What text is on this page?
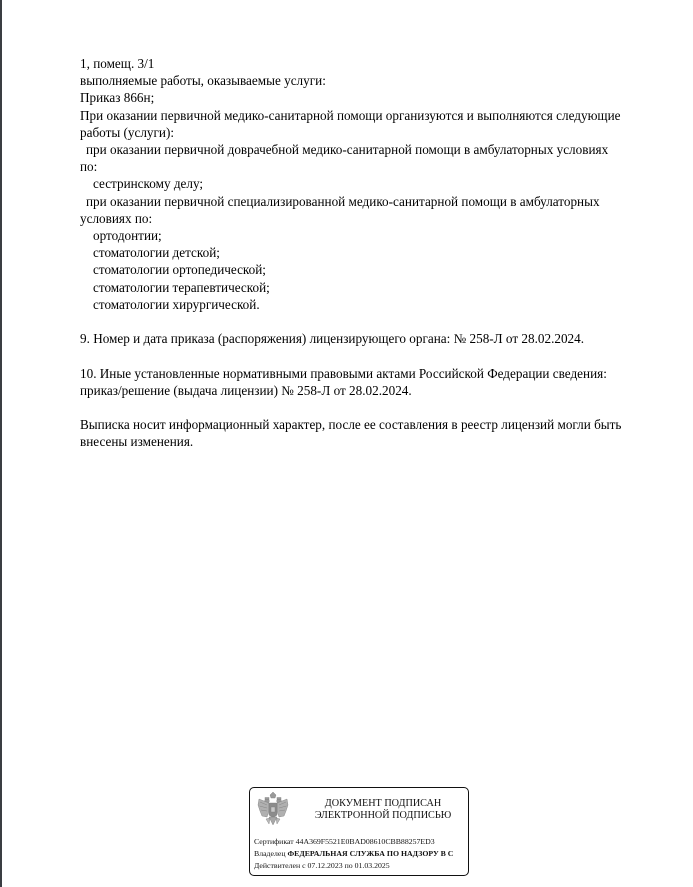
1, помещ. 3/1
выполняемые работы, оказываемые услуги:
Приказ 866н;
При оказании первичной медико-санитарной помощи организуются и выполняются следующие
работы (услуги):
при оказании первичной доврачебной медико-санитарной помощи в амбулаторных условиях
по:
сестринскому делу;
при оказании первичной специализированной медико-санитарной помощи в амбулаторных
условиях по:
ортодонтии;
стоматологии детской;
стоматологии ортопедической;
стоматологии терапевтической;
стоматологии хирургической.
9. Номер и дата приказа (распоряжения) лицензирующего органа: № 258-Л от 28.02.2024.
10. Иные установленные нормативными правовыми актами Российской Федерации сведения:
приказ/решение (выдача лицензии) № 258-Л от 28.02.2024.
Выписка носит информационный характер, после ее составления в реестр лицензий могли быть
внесены изменения.
ДОКУМЕНТ ПОДПИСАН
ЭЛЕКТРОННОЙ ПОДПИСЬЮ
Сертификат 44A369F5521E0BAD08610CBB88257ED3
Владелец ФЕДЕРАЛЬНАЯ СЛУЖБА ПО НАДЗОРУ В С
Действителен с 07.12.2023 по 01.03.2025
